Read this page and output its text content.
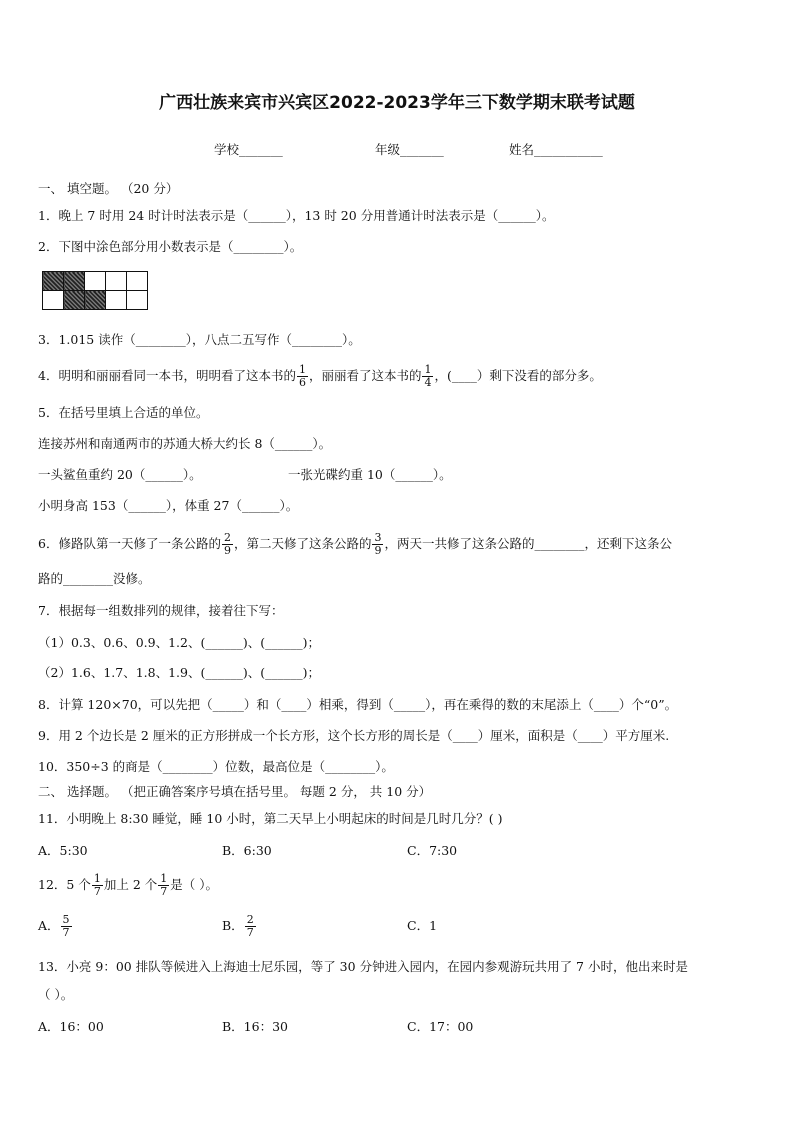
广西壮族来宾市兴宾区2022-2023学年三下数学期末联考试题
学校_______	年级_______	姓名___________
一、 填空题。 （20 分）
1．晚上 7 时用 24 时计时法表示是（______），13 时 20 分用普通计时法表示是（______）。
2．下图中涂色部分用小数表示是（________）。

3．1.015 读作（________），八点二五写作（________）。
4．明明和丽丽看同一本书，明明看了这本书的 $\frac{1}{6}$ ，丽丽看了这本书的 $\frac{1}{4}$ ，(____）剩下没看的部分多。
5．在括号里填上合适的单位。
连接苏州和南通两市的苏通大桥大约长 8（______）。
一头鲨鱼重约 20（______）。	一张光碟约重 10（______）。
小明身高 153（______），体重 27（______）。
6．修路队第一天修了一条公路的 $\frac{2}{9}$ ，第二天修了这条公路的 $\frac{3}{9}$ ，两天一共修了这条公路的________，还剩下这条公
路的________没修。
7．根据每一组数排列的规律，接着往下写：
（1）0.3、0.6、0.9、1.2、(______)、(______)；
（2）1.6、1.7、1.8、1.9、(______)、(______)；
8．计算 120×70，可以先把（_____）和（____）相乘，得到（_____），再在乘得的数的末尾添上（____）个“0”。
9．用 2 个边长是 2 厘米的正方形拼成一个长方形，这个长方形的周长是（____）厘米，面积是（____）平方厘米.
10．350÷3 的商是（________）位数，最高位是（________）。
二、 选择题。 （把正确答案序号填在括号里。 每题 2 分， 共 10 分）
11．小明晚上 8:30 睡觉，睡 10 小时，第二天早上小明起床的时间是几时几分？( )
A．5:30	B．6:30	C．7:30
12．5 个 $\frac{1}{7}$ 加上 2 个 $\frac{1}{7}$ 是（ ）。
A． $\frac{5}{7}$	B． $\frac{2}{7}$	C．1
13．小亮 9：00 排队等候进入上海迪士尼乐园，等了 30 分钟进入园内，在园内参观游玩共用了 7 小时，他出来时是
（ ）。
A．16：00	B．16：30	C．17：00
